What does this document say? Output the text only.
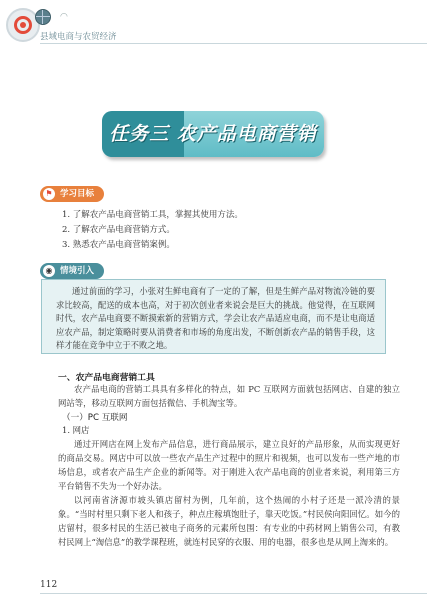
◠
县域电商与农贸经济
任务三 农产品电商营销
⚑ 学习目标
1. 了解农产品电商营销工具，掌握其使用方法。
2. 了解农产品电商营销方式。
3. 熟悉农产品电商营销案例。
◉ 情境引入
通过前面的学习，小张对生鲜电商有了一定的了解，但是生鲜产品对物流冷链的要求比较高，配送的成本也高，对于初次创业者来说会是巨大的挑战。他觉得，在互联网时代，农产品电商要不断摸索新的营销方式，学会让农产品适应电商，而不是让电商适应农产品，制定策略时要从消费者和市场的角度出发，不断创新农产品的销售手段，这样才能在竞争中立于不败之地。
一、农产品电商营销工具
农产品电商的营销工具具有多样化的特点，如 PC 互联网方面就包括网店、自建的独立网站等，移动互联网方面包括微信、手机淘宝等。
（一）PC 互联网
1. 网店
通过开网店在网上发布产品信息，进行商品展示，建立良好的产品形象，从而实现更好的商品交易。网店中可以放一些农产品生产过程中的照片和视频，也可以发布一些产地的市场信息，或者农产品生产企业的新闻等。对于刚进入农产品电商的创业者来说，利用第三方平台销售不失为一个好办法。
以河南省济源市坡头镇店留村为例，几年前，这个热闹的小村子还是一派冷清的景象。“当时村里只剩下老人和孩子，种点庄稼填饱肚子，靠天吃饭。”村民侯向阳回忆。如今的店留村，很多村民的生活已被电子商务的元素所包围：有专业的中药材网上销售公司，有教村民网上“淘信息”的教学课程班，就连村民穿的衣服、用的电器，很多也是从网上淘来的。
112
